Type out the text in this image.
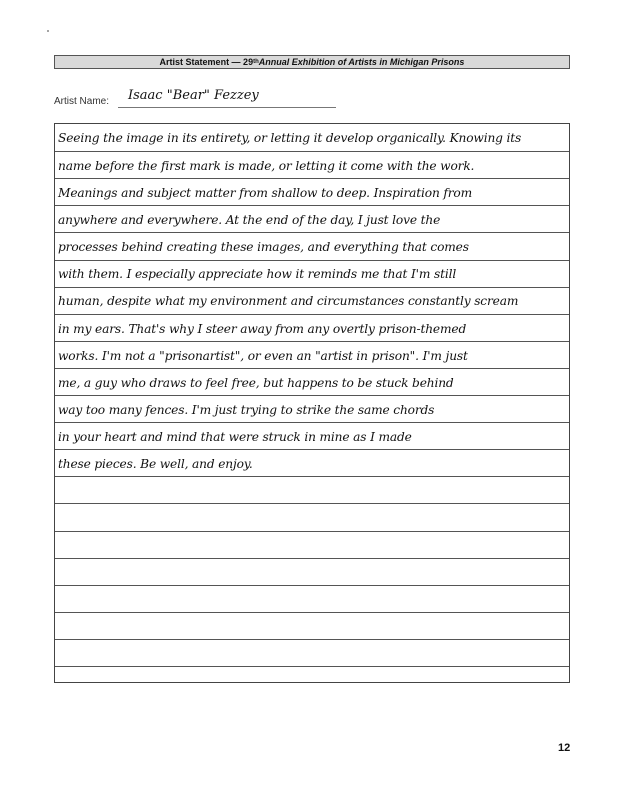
Artist Statement — 29 th Annual Exhibition of Artists in Michigan Prisons
Artist Name: Isaac "Bear" Fezzey
Seeing the image in its entirety, or letting it develop organically. Knowing its
name before the first mark is made, or letting it come with the work.
Meanings and subject matter from shallow to deep. Inspiration from
anywhere and everywhere. At the end of the day, I just love the
processes behind creating these images, and everything that comes
with them. I especially appreciate how it reminds me that I'm still
human, despite what my environment and circumstances constantly scream
in my ears. That's why I steer away from any overtly prison-themed
works. I'm not a "prisonartist", or even an "artist in prison". I'm just
me, a guy who draws to feel free, but happens to be stuck behind
way too many fences. I'm just trying to strike the same chords
in your heart and mind that were struck in mine as I made
these pieces. Be well, and enjoy.
12
